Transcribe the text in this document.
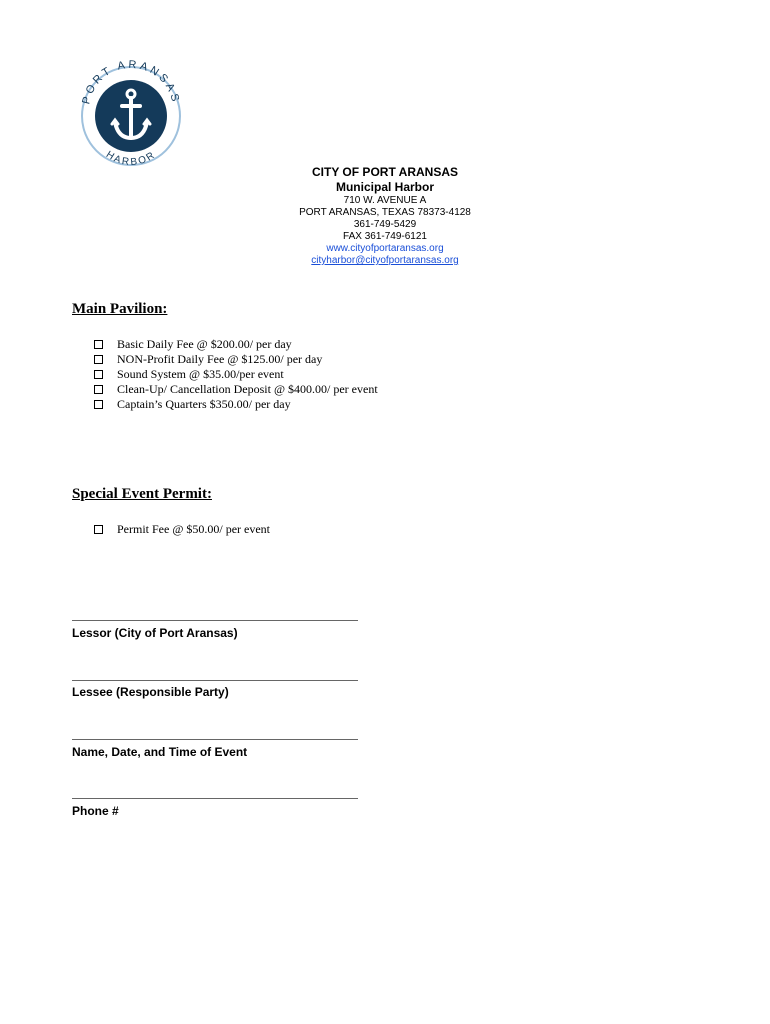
PORT ARANSAS
HARBOR
CITY OF PORT ARANSAS
Municipal Harbor
710 W. AVENUE A
PORT ARANSAS, TEXAS 78373-4128
361-749-5429
FAX 361-749-6121
www.cityofportaransas.org
cityharbor@cityofportaransas.org
Main Pavilion:
Basic Daily Fee @ $200.00/ per day
NON-Profit Daily Fee @ $125.00/ per day
Sound System @ $35.00/per event
Clean-Up/ Cancellation Deposit @ $400.00/ per event
Captain’s Quarters $350.00/ per day
Special Event Permit:
Permit Fee @ $50.00/ per event
Lessor (City of Port Aransas)
Lessee (Responsible Party)
Name, Date, and Time of Event
Phone #
